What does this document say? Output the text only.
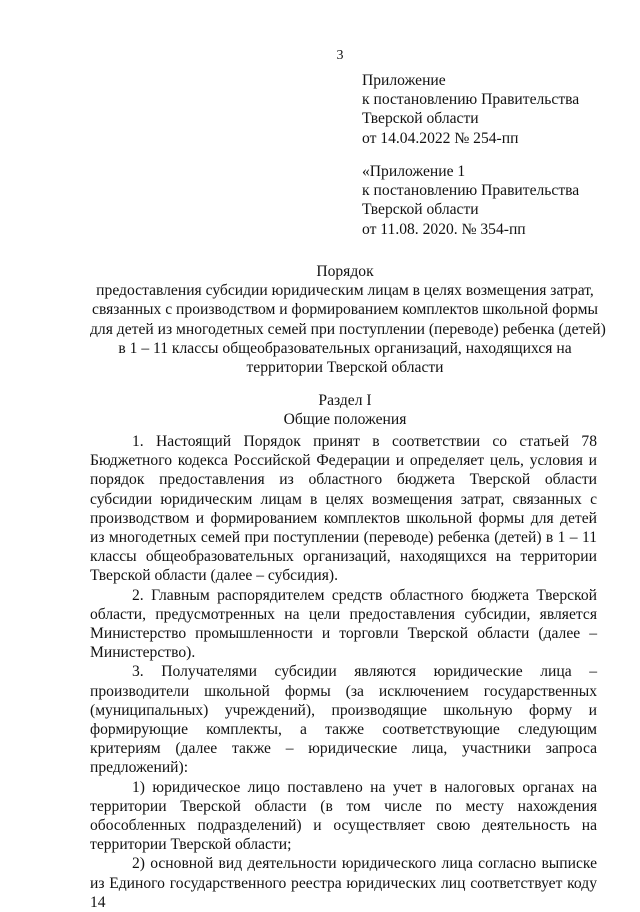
3
Приложение
к постановлению Правительства
Тверской области
от 14.04.2022 № 254-пп
«Приложение 1
к постановлению Правительства
Тверской области
от 11.08. 2020. № 354-пп
Порядок
предоставления субсидии юридическим лицам в целях возмещения затрат,
связанных с производством и формированием комплектов школьной формы
для детей из многодетных семей при поступлении (переводе) ребенка (детей)
в 1 – 11 классы общеобразовательных организаций, находящихся на
территории Тверской области
Раздел I
Общие положения

1. Настоящий Порядок принят в соответствии со статьей 78 Бюджетного кодекса Российской Федерации и определяет цель, условия и порядок предоставления из областного бюджета Тверской области субсидии юридическим лицам в целях возмещения затрат, связанных с производством и формированием комплектов школьной формы для детей из многодетных семей при поступлении (переводе) ребенка (детей) в 1 – 11 классы общеобразовательных организаций, находящихся на территории Тверской области (далее – субсидия).

2. Главным распорядителем средств областного бюджета Тверской области, предусмотренных на цели предоставления субсидии, является Министерство промышленности и торговли Тверской области (далее – Министерство).

3. Получателями субсидии являются юридические лица – производители школьной формы (за исключением государственных (муниципальных) учреждений), производящие школьную форму и формирующие комплекты, а также соответствующие следующим критериям (далее также – юридические лица, участники запроса предложений):

1) юридическое лицо поставлено на учет в налоговых органах на территории Тверской области (в том числе по месту нахождения обособленных подразделений) и осуществляет свою деятельность на территории Тверской области;

2) основной вид деятельности юридического лица согласно выписке из Единого государственного реестра юридических лиц соответствует коду 14
